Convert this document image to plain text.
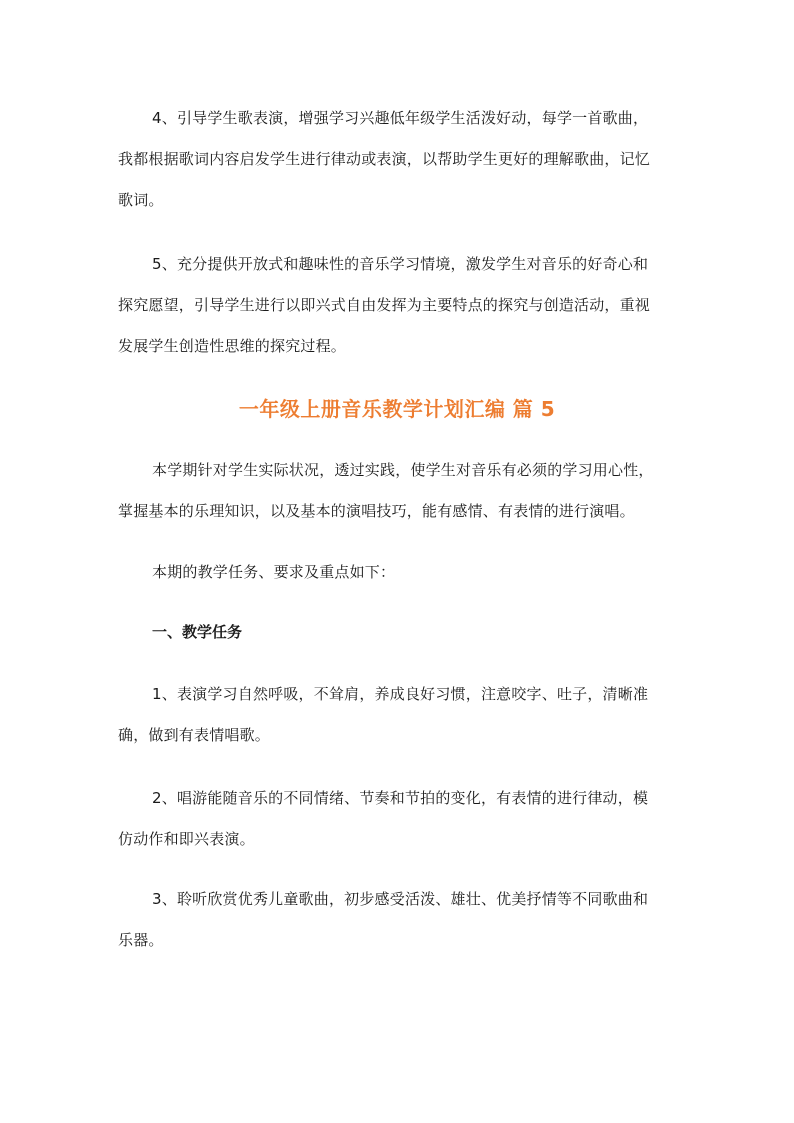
4、引导学生歌表演，增强学习兴趣低年级学生活泼好动，每学一首歌曲，
我都根据歌词内容启发学生进行律动或表演，以帮助学生更好的理解歌曲，记忆
歌词。
5、充分提供开放式和趣味性的音乐学习情境，激发学生对音乐的好奇心和
探究愿望，引导学生进行以即兴式自由发挥为主要特点的探究与创造活动，重视
发展学生创造性思维的探究过程。
一年级上册音乐教学计划汇编 篇 5
本学期针对学生实际状况，透过实践，使学生对音乐有必须的学习用心性，
掌握基本的乐理知识，以及基本的演唱技巧，能有感情、有表情的进行演唱。
本期的教学任务、要求及重点如下：
一、教学任务
1、表演学习自然呼吸，不耸肩，养成良好习惯，注意咬字、吐子，清晰准
确，做到有表情唱歌。
2、唱游能随音乐的不同情绪、节奏和节拍的变化，有表情的进行律动，模
仿动作和即兴表演。
3、聆听欣赏优秀儿童歌曲，初步感受活泼、雄壮、优美抒情等不同歌曲和
乐器。
